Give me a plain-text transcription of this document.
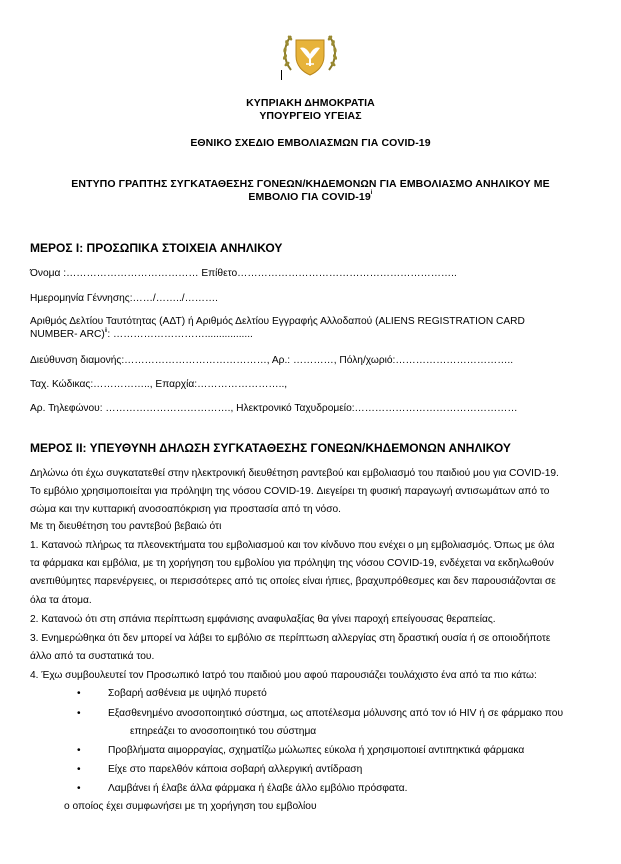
ΚΥΠΡΙΑΚΗ ΔΗΜΟΚΡΑΤΙΑ
ΥΠΟΥΡΓΕΙΟ ΥΓΕΙΑΣ
ΕΘΝΙΚΟ ΣΧΕΔΙΟ ΕΜΒΟΛΙΑΣΜΩΝ ΓΙΑ COVID-19
ΕΝΤΥΠΟ ΓΡΑΠΤΗΣ ΣΥΓΚΑΤΑΘΕΣΗΣ ΓΟΝΕΩΝ/ΚΗΔΕΜΟΝΩΝ ΓΙΑ ΕΜΒΟΛΙΑΣΜΟ ΑΝΗΛΙΚΟΥ ΜΕ
ΕΜΒΟΛΙΟ ΓΙΑ COVID-19$^i$
ΜΕΡΟΣ Ι: ΠΡΟΣΩΠΙΚΑ ΣΤΟΙΧΕΙΑ ΑΝΗΛΙΚΟΥ
Όνομα :………………………………… Επίθετο………………………………………………………..
Ημερομηνία Γέννησης:……/……../……….
Αριθμός Δελτίου Ταυτότητας (ΑΔΤ) ή Αριθμός Δελτίου Εγγραφής Αλλοδαπού (ALIENS REGISTRATION CARD
NUMBER- ARC)$^{ii}$: ……………………….................
Διεύθυνση διαμονής:……………………………………, Αρ.: …………, Πόλη/χωριό:……………………………..
Ταχ. Κώδικας:…………….., Επαρχία:……………………..,
Αρ. Τηλεφώνου: ………………………………., Ηλεκτρονικό Ταχυδρομείο:…………………………………………
ΜΕΡΟΣ ΙΙ: ΥΠΕΥΘΥΝΗ ΔΗΛΩΣΗ ΣΥΓΚΑΤΑΘΕΣΗΣ ΓΟΝΕΩΝ/ΚΗΔΕΜΟΝΩΝ ΑΝΗΛΙΚΟΥ
Δηλώνω ότι έχω συγκατατεθεί στην ηλεκτρονική διευθέτηση ραντεβού και εμβολιασμό του παιδιού μου για COVID-19.
Το εμβόλιο χρησιμοποιείται για πρόληψη της νόσου COVID-19. Διεγείρει τη φυσική παραγωγή αντισωμάτων από το
σώμα και την κυτταρική ανοσοαπόκριση για προστασία από τη νόσο.
Με τη διευθέτηση του ραντεβού βεβαιώ ότι
1. Κατανοώ πλήρως τα πλεονεκτήματα του εμβολιασμού και τον κίνδυνο που ενέχει ο μη εμβολιασμός. Όπως με όλα
τα φάρμακα και εμβόλια, με τη χορήγηση του εμβολίου για πρόληψη της νόσου COVID-19, ενδέχεται να εκδηλωθούν
ανεπιθύμητες παρενέργειες, οι περισσότερες από τις οποίες είναι ήπιες, βραχυπρόθεσμες και δεν παρουσιάζονται σε
όλα τα άτομα.
2. Κατανοώ ότι στη σπάνια περίπτωση εμφάνισης αναφυλαξίας θα γίνει παροχή επείγουσας θεραπείας.
3. Ενημερώθηκα ότι δεν μπορεί να λάβει το εμβόλιο σε περίπτωση αλλεργίας στη δραστική ουσία ή σε οποιοδήποτε
άλλο από τα συστατικά του.
4. Έχω συμβουλευτεί τον Προσωπικό Ιατρό του παιδιού μου αφού παρουσιάζει τουλάχιστο ένα από τα πιο κάτω:
•	Σοβαρή ασθένεια με υψηλό πυρετό
•	Εξασθενημένο ανοσοποιητικό σύστημα, ως αποτέλεσμα μόλυνσης από τον ιό HIV ή σε φάρμακο που
επηρεάζει το ανοσοποιητικό του σύστημα
•	Προβλήματα αιμορραγίας, σχηματίζω μώλωπες εύκολα ή χρησιμοποιεί αντιπηκτικά φάρμακα
•	Είχε στο παρελθόν κάποια σοβαρή αλλεργική αντίδραση
•	Λαμβάνει ή έλαβε άλλα φάρμακα ή έλαβε άλλο εμβόλιο πρόσφατα.
ο οποίος έχει συμφωνήσει με τη χορήγηση του εμβολίου
